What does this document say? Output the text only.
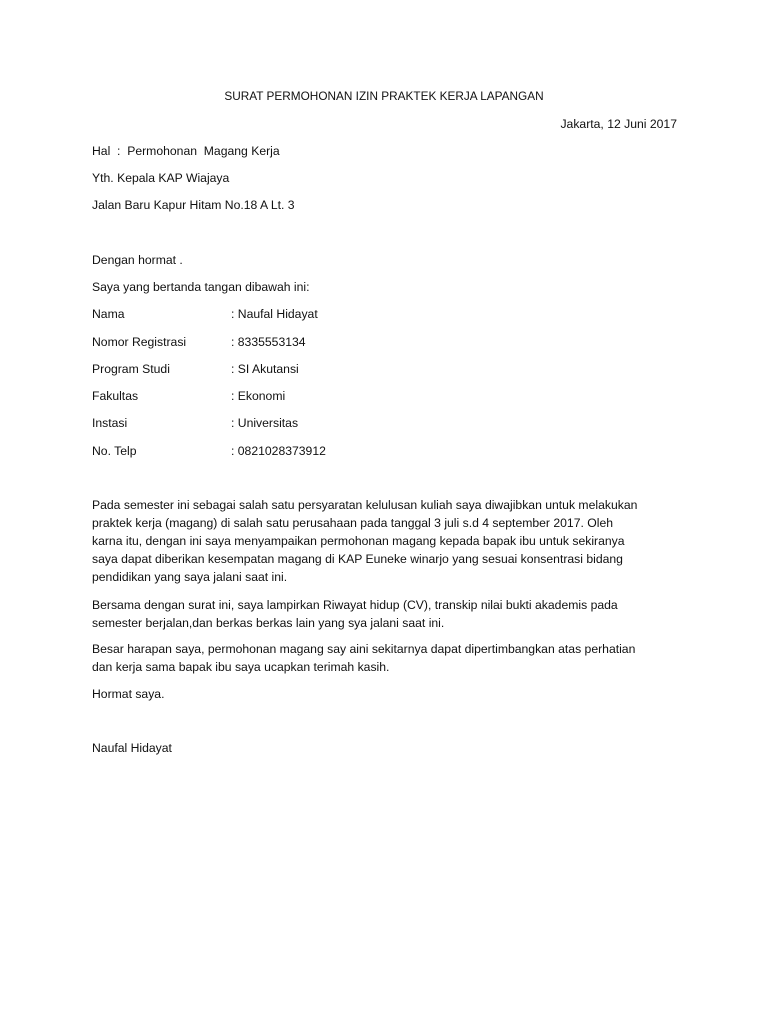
SURAT PERMOHONAN IZIN PRAKTEK KERJA LAPANGAN
Jakarta, 12 Juni 2017
Hal  :  Permohonan  Magang Kerja
Yth. Kepala KAP Wiajaya
Jalan Baru Kapur Hitam No.18 A Lt. 3
Dengan hormat .
Saya yang bertanda tangan dibawah ini:
Nama	: Naufal Hidayat
Nomor Registrasi	: 8335553134
Program Studi	: SI Akutansi
Fakultas	: Ekonomi
Instasi	: Universitas
No. Telp	: 0821028373912
Pada semester ini sebagai salah satu persyaratan kelulusan kuliah saya diwajibkan untuk melakukan
praktek kerja (magang) di salah satu perusahaan pada tanggal 3 juli s.d 4 september 2017. Oleh
karna itu, dengan ini saya menyampaikan permohonan magang kepada bapak ibu untuk sekiranya
saya dapat diberikan kesempatan magang di KAP Euneke winarjo yang sesuai konsentrasi bidang
pendidikan yang saya jalani saat ini.
Bersama dengan surat ini, saya lampirkan Riwayat hidup (CV), transkip nilai bukti akademis pada
semester berjalan,dan berkas berkas lain yang sya jalani saat ini.
Besar harapan saya, permohonan magang say aini sekitarnya dapat dipertimbangkan atas perhatian
dan kerja sama bapak ibu saya ucapkan terimah kasih.
Hormat saya.
Naufal Hidayat
